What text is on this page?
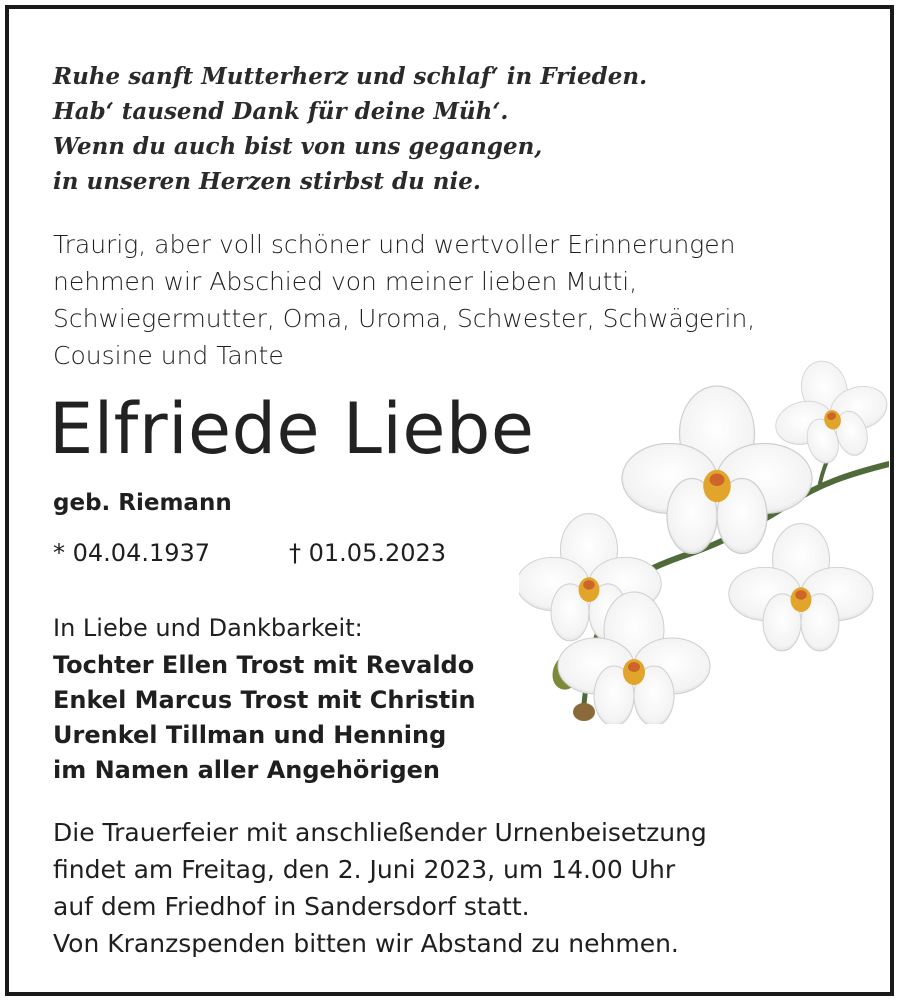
Ruhe sanft Mutterherz und schlaf‘ in Frieden.
Hab‘ tausend Dank für deine Müh‘.
Wenn du auch bist von uns gegangen,
in unseren Herzen stirbst du nie.
Traurig, aber voll schöner und wertvoller Erinnerungen
nehmen wir Abschied von meiner lieben Mutti,
Schwiegermutter, Oma, Uroma, Schwester, Schwägerin,
Cousine und Tante
Elfriede Liebe
geb. Riemann
* 04.04.1937	† 01.05.2023
In Liebe und Dankbarkeit:
Tochter Ellen Trost mit Revaldo
Enkel Marcus Trost mit Christin
Urenkel Tillman und Henning
im Namen aller Angehörigen
Die Trauerfeier mit anschließender Urnenbeisetzung
findet am Freitag, den 2. Juni 2023, um 14.00 Uhr
auf dem Friedhof in Sandersdorf statt.
Von Kranzspenden bitten wir Abstand zu nehmen.
